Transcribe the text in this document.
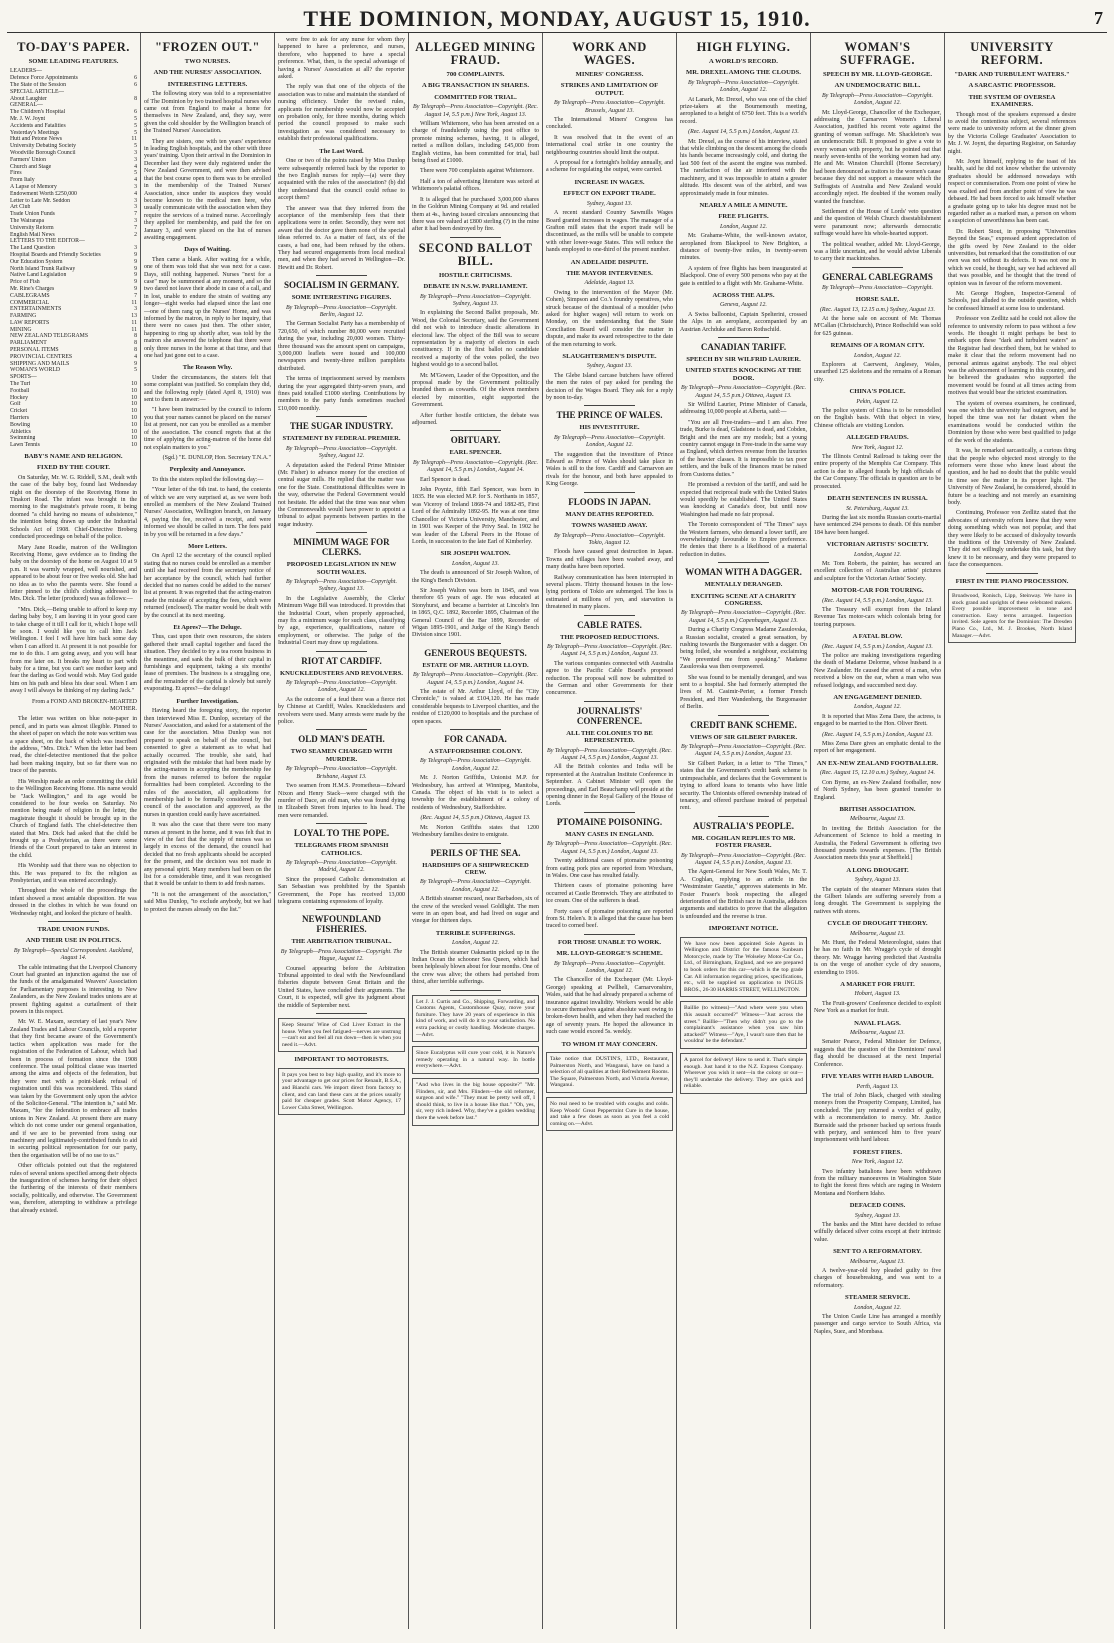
THE DOMINION, MONDAY, AUGUST 15, 1910.	7
TO-DAY'S PAPER.
SOME LEADING FEATURES.
LEADERS—
Defence Force Appointments	6
The State of the Session	6
SPECIAL ARTICLE—
About Laughter	8
GENERAL—
The Children's Hospital	6
Mr. J. W. Joynt	5
Accidents and Fatalities	5
Yesterday's Meetings	5
Hutt and Petone News	11
University Debating Society	5
Woodville Borough Council	3
Farmers' Union	3
Church and Stage	4
Fires	5
From Italy	4
A Lapse of Memory	3
Endowment Worth £250,000	4
Letter to Late Mr. Seddon	3
Art Club	3
Trade Union Funds	7
The Wairarapa	3
University Reform	7
English Mail News	2
LETTERS TO THE EDITOR—
The Land Question	3
Hospital Boards and Friendly Societies	9
Our Education System	9
North Island Trunk Railway	9
Native Land Legislation	9
Price of Fish	9
Mr. Rine's Charges	9
CABLEGRAMS	7
COMMERCIAL	11
ENTERTAINMENTS	3
FARMING	13
LAW REPORTS	11
MINING	11
NEW ZEALAND TELEGRAMS	8
PARLIAMENT	8
PERSONAL ITEMS	8
PROVINCIAL CENTRES	4
SHIPPING AND MAILS	9
WOMAN'S WORLD	5
SPORTS—
The Turf	10
Football	10
Hockey	10
Golf	10
Cricket	10
Harriers	10
Bowling	10
Athletics	10
Swimming	10
Lawn Tennis	10
BABY'S NAME AND RELIGION.
FIXED BY THE COURT.
On Saturday, Mr. W. G. Riddell, S.M., dealt with the case of the baby boy, found last Wednesday night on the doorstep of the Receiving Home in Tinakori Road. The infant was brought in the morning to the magistrate's private room, it being doomed "a child having no means of subsistence," the intention being drawn up under the Industrial Schools Act of 1908. Chief-Detective Broberg conducted proceedings on behalf of the police.
Mary Jane Roadie, matron of the Wellington Receiving Home, gave evidence as to finding the baby on the doorstep of the home on August 10 at 9 p.m. It was warmly wrapped, well nourished, and appeared to be about four or five weeks old. She had no idea as to who the parents were. She found a letter pinned to the child's clothing addressed to Mrs. Dick. The letter (produced) was as follows:—
"Mrs. Dick,—Being unable to afford to keep my darling baby boy, I am leaving it in your good care to take charge of it till I call for it, which I hope will be soon. I would like you to call him Jack Wellington. I feel I will have him back some day when I can afford it. At present it is not possible for me to do this. I am going away, and you will hear from me later on. It breaks my heart to part with baby for a time, but you can't see mother keep and fear the darling as God would wish. May God guide him on his path and bless his dear soul. When I am away I will always be thinking of my darling Jack."
From a FOND AND BROKEN-HEARTED MOTHER.
The letter was written on blue note-paper in pencil, and in parts was almost illegible. Pinned to the sheet of paper on which the note was written was a space sheet, on the back of which was inscribed the address, "Mrs. Dick." When the letter had been read, the chief-detective mentioned that the police had been making inquiry, but so far there was no trace of the parents.
His Worship made an order committing the child to the Wellington Receiving Home. His name would be "Jack Wellington," and its age would be considered to be four weeks on Saturday. No mention being made of religion in the letter, the magistrate thought it should be brought up in the Church of England faith. The chief-detective then stated that Mrs. Dick had asked that the child be brought up a Presbyterian, as there were some friends of the Court prepared to take an interest in the child.
His Worship said that there was no objection to this. He was prepared to fix the religion as Presbyterian, and it was entered accordingly.
Throughout the whole of the proceedings the infant showed a most amiable disposition. He was dressed in the clothes in which he was found on Wednesday night, and looked the picture of health.
TRADE UNION FUNDS.
AND THEIR USE IN POLITICS.
By Telegraph—Special Correspondent. Auckland, August 14.
The cable intimating that the Liverpool Chancery Court had granted an injunction against the use of the funds of the amalgamated Weavers' Association for Parliamentary purposes is interesting to New Zealanders, as the New Zealand trades unions are at present fighting against a curtailment of their powers in this respect.
Mr. W. E. Maxam, secretary of last year's New Zealand Trades and Labour Councils, told a reporter that they first became aware of the Government's tactics when application was made for the registration of the Federation of Labour, which had been in process of formation since the 1908 conference. The usual political clause was inserted among the aims and objects of the federation, but they were met with a point-blank refusal of registration until this was reconsidered. This stand was taken by the Government only upon the advice of the Solicitor-General. "The intention is," said Mr. Maxam, "for the federation to embrace all trades unions in New Zealand. At present there are many which do not come under our general organisation, and if we are to be prevented from using our machinery and legitimately-contributed funds to aid in securing political representation for our party, then the organisation will be of no use to us."
Other officials pointed out that the registered rules of several unions specified among their objects the inauguration of schemes having for their object the furthering of the interests of their members socially, politically, and otherwise. The Government was, therefore, attempting to withdraw a privilege that already existed.
"FROZEN OUT."
TWO NURSES.
AND THE NURSES' ASSOCIATION.
INTERESTING LETTERS.
The following story was told to a representative of The Dominion by two trained hospital nurses who came out from England to make a home for themselves in New Zealand, and, they say, were given the cold shoulder by the Wellington branch of the Trained Nurses' Association.
They are sisters, one with ten years' experience in leading English hospitals, and the other with three years' training. Upon their arrival in the Dominion in December last they were duly registered under the New Zealand Government, and were then advised that the best course open to them was to be enrolled in the membership of the Trained Nurses' Association, since under its auspices they would become known to the medical men here, who usually communicate with the association when they require the services of a trained nurse. Accordingly they applied for membership, and paid the fee on January 3, and were placed on the list of nurses awaiting engagement.
Days of Waiting.
Then came a blank. After waiting for a while, one of them was told that she was next for a case. Days, still nothing happened. Nurses "next for a case" may be summoned at any moment, and so the two dared not leave their abode in case of a call, and in lost, unable to endure the strain of waiting any longer—eight weeks had elapsed since the last one—one of them rang up the Nurses' Home, and was informed by the matron, in reply to her inquiry, that there were no cases just then. The other sister, happening to ring up shortly after, was told by the matron she answered the telephone that there were only three nurses in the home at that time, and that one had just gone out to a case.
The Reason Why.
Under the circumstances, the sisters felt that some complaint was justified. So complain they did, and the following reply (dated April 8, 1910) was sent to them in answer:—
"I have been instructed by the council to inform you that your names cannot be placed on the nurses' list at present, nor can you be enrolled as a member of the association. The council regrets that at the time of applying the acting-matron of the home did not explain matters to you."
(Sgd.) "E. DUNLOP, Hon. Secretary T.N.A."
Perplexity and Annoyance.
To this the sisters replied the following day:—
"Your letter of the 6th inst. to hand, the contents of which we are very surprised at, as we were both enrolled as members of the New Zealand Trained Nurses' Association, Wellington branch, on January 4, paying the fee, received a receipt, and were informed we should be called in turn. The fees paid in by you will be returned in a few days."
More Letters.
On April 12 the secretary of the council replied stating that no nurses could be enrolled as a member until she had received from the secretary notice of her acceptance by the council, which had further decided that no names could be added to the nurses' list at present. It was regretted that the acting-matron made the mistake of accepting the fees, which were returned (enclosed). The matter would be dealt with by the council at its next meeting.
Et Apres?—The Deluge.
Thus, cast upon their own resources, the sisters gathered their small capital together and faced the situation. They decided to try a tea room business in the meantime, and sank the bulk of their capital in furnishings and equipment, taking a six months' lease of premises. The business is a struggling one, and the remainder of the capital is slowly but surely evaporating. Et apres?—the deluge!
Further Investigation.
Having heard the foregoing story, the reporter then interviewed Miss E. Dunlop, secretary of the Nurses' Association, and asked for a statement of the case for the association. Miss Dunlop was not prepared to speak on behalf of the council, but consented to give a statement as to what had actually occurred. The trouble, she said, had originated with the mistake that had been made by the acting-matron in accepting the membership fee from the nurses referred to before the regular formalities had been completed. According to the rules of the association, all applications for membership had to be formally considered by the council of the association and approved, as the nurses in question could easily have ascertained.
It was also the case that there were too many nurses at present in the home, and it was felt that in view of the fact that the supply of nurses was so largely in excess of the demand, the council had decided that no fresh applicants should be accepted for the present, and the decision was not made in any personal spirit. Many members had been on the list for a considerable time, and it was recognised that it would be unfair to them to add fresh names.
"It is not the arrangement of the association," said Miss Dunlop, "to exclude anybody, but we had to protect the nurses already on the list."
were free to ask for any nurse for whom they happened to have a preference, and nurses, therefore, who happened to have a special preference. What, then, is the special advantage of having a Nurses' Association at all? the reporter asked.
The reply was that one of the objects of the association was to raise and maintain the standard of nursing efficiency. Under the revised rules, applicants for membership would now be accepted on probation only, for three months, during which period the council proposed to make such investigation as was considered necessary to establish their professional qualifications.
The Last Word.
One or two of the points raised by Miss Dunlop were subsequently referred back by the reporter to the two English nurses for reply—(a) were they acquainted with the rules of the association? (b) did they understand that the council could refuse to accept them?
The answer was that they inferred from the acceptance of the membership fees that their applications were in order. Secondly, they were not aware that the doctor gave them none of the special ideas referred to. As a matter of fact, six of the cases, a bad one, had been refused by the others. They had secured engagements from local medical men, and when they had served in Wellington—Dr. Hewitt and Dr. Robert.
SOCIALISM IN GERMANY.
SOME INTERESTING FIGURES.
By Telegraph—Press Association—Copyright. Berlin, August 12.
The German Socialist Party has a membership of 720,650, of which number 80,000 were recruited during the year, including 20,000 women. Thirty-three thousand was the amount spent on campaigns, 3,000,000 leaflets were issued and 100,000 newspapers and twenty-three million pamphlets distributed.
The terms of imprisonment served by members during the year aggregated thirty-seven years, and fines paid totalled £1000 sterling. Contributions by members to the party funds sometimes reached £10,000 monthly.
THE SUGAR INDUSTRY.
STATEMENT BY FEDERAL PREMIER.
By Telegraph—Press Association—Copyright. Sydney, August 12.
A deputation asked the Federal Prime Minister (Mr. Fisher) to advance money for the erection of central sugar mills. He replied that the matter was one for the State. Constitutional difficulties were in the way, otherwise the Federal Government would not hesitate. He added that the time was near when the Commonwealth would have power to appoint a tribunal to adjust payments between parties in the sugar industry.
MINIMUM WAGE FOR CLERKS.
PROPOSED LEGISLATION IN NEW SOUTH WALES.
By Telegraph—Press Association—Copyright. Sydney, August 13.
In the Legislative Assembly, the Clerks' Minimum Wage Bill was introduced. It provides that the Industrial Court, when properly approached, may fix a minimum wage for such class, classifying by age, experience, qualifications, nature of employment, or otherwise. The judge of the Industrial Court may draw up regulations.
RIOT AT CARDIFF.
KNUCKLEDUSTERS AND REVOLVERS.
By Telegraph—Press Association—Copyright. London, August 12.
As the outcome of a feud there was a fierce riot by Chinese at Cardiff, Wales. Knuckledusters and revolvers were used. Many arrests were made by the police.
OLD MAN'S DEATH.
TWO SEAMEN CHARGED WITH MURDER.
By Telegraph—Press Association—Copyright. Brisbane, August 13.
Two seamen from H.M.S. Prometheus—Edward Nixon and Henry Stack—were charged with the murder of Dace, an old man, who was found dying in Elizabeth Street from injuries to his head. The men were remanded.
LOYAL TO THE POPE.
TELEGRAMS FROM SPANISH CATHOLICS.
By Telegraph—Press Association—Copyright. Madrid, August 12.
Since the proposed Catholic demonstration at San Sebastian was prohibited by the Spanish Government, the Pope has received 13,000 telegrams containing expressions of loyalty.
NEWFOUNDLAND FISHERIES.
THE ARBITRATION TRIBUNAL.
By Telegraph—Press Association—Copyright. The Hague, August 12.
Counsel appearing before the Arbitration Tribunal appointed to deal with the Newfoundland fisheries dispute between Great Britain and the United States, have concluded their arguments. The Court, it is expected, will give its judgment about the middle of September next.
Keep Stearns' Wine of Cod Liver Extract in the house. When you feel fatigued—nerves are unstrung—can't eat and feel all run down—then is when you need it.—Advt.
IMPORTANT TO MOTORISTS.
It pays you best to buy high quality, and it's more to your advantage to get our prices for Renault, B.S.A., and Bianchi cars. We import direct from factory to client, and can land these cars at the prices usually paid for cheaper grades. Scott Motor Agency, 17 Lower Cuba Street, Wellington.
ALLEGED MINING FRAUD.
700 COMPLAINTS.
A BIG TRANSACTION IN SHARES.
COMMITTED FOR TRIAL.
By Telegraph—Press Association—Copyright. (Rec. August 14, 5.5 p.m.) New York, August 13.
William Whitemore, who has been arrested on a charge of fraudulently using the post office to promote mining schemes, having, it is alleged, netted a million dollars, including £45,000 from English victims, has been committed for trial, bail being fixed at £1000.
There were 700 complaints against Whitemore.
Half a ton of advertising literature was seized at Whitemore's palatial offices.
It is alleged that he purchased 3,000,000 shares in the Goldrun Mining Company at 9d. and retailed them at 4s., having issued circulars announcing that there was ore valued at £800 sterling (?) in the mine after it had been destroyed by fire.
SECOND BALLOT BILL.
HOSTILE CRITICISMS.
DEBATE IN N.S.W. PARLIAMENT.
By Telegraph—Press Association—Copyright. Sydney, August 13.
In explaining the Second Ballot proposals, Mr. Wood, the Colonial Secretary, said the Government did not wish to introduce drastic alterations in electoral law. The object of the Bill was to secure representation by a majority of electors in each constituency. If in the first ballot no candidate received a majority of the votes polled, the two highest would go to a second ballot.
Mr. M'Gowen, Leader of the Opposition, and the proposal made by the Government politically branded them as cowards. Of the eleven members elected by minorities, eight supported the Government.
After further hostile criticism, the debate was adjourned.
OBITUARY.
EARL SPENCER.
By Telegraph—Press Association—Copyright. (Rec. August 14, 5.5 p.m.) London, August 14.
Earl Spencer is dead.
John Poyntz, fifth Earl Spencer, was born in 1835. He was elected M.P. for S. Northants in 1857, was Viceroy of Ireland 1868-74 and 1882-85, First Lord of the Admiralty 1892-95. He was at one time Chancellor of Victoria University, Manchester, and in 1901 was Keeper of the Privy Seal. In 1902 he was leader of the Liberal Peers in the House of Lords, in succession to the late Earl of Kimberley.
SIR JOSEPH WALTON.
London, August 13.
The death is announced of Sir Joseph Walton, of the King's Bench Division.
Sir Joseph Walton was born in 1845, and was therefore 65 years of age. He was educated at Stonyhurst, and became a barrister at Lincoln's Inn in 1865, Q.C. 1892, Recorder 1895, Chairman of the General Council of the Bar 1899, Recorder of Wigan 1895-1901, and Judge of the King's Bench Division since 1901.
GENEROUS BEQUESTS.
ESTATE OF MR. ARTHUR LLOYD.
By Telegraph—Press Association—Copyright. (Rec. August 14, 5.5 p.m.) London, August 14.
The estate of Mr. Arthur Lloyd, of the "City Chronicle," is valued at £104,120. He has made considerable bequests to Liverpool charities, and the residue of £120,000 to hospitals and the purchase of open spaces.
FOR CANADA.
A STAFFORDSHIRE COLONY.
By Telegraph—Press Association—Copyright. London, August 12.
Mr. J. Norton Griffiths, Unionist M.P. for Wednesbury, has arrived at Winnipeg, Manitoba, Canada. The object of his visit is to select a township for the establishment of a colony of residents of Wednesbury, Staffordshire.
(Rec. August 14, 5.5 p.m.) Ottawa, August 13.
Mr. Norton Griffiths states that 1200 Wednesbury families desire to emigrate.
PERILS OF THE SEA.
HARDSHIPS OF A SHIPWRECKED CREW.
By Telegraph—Press Association—Copyright. London, August 12.
A British steamer rescued, near Barbadoes, six of the crew of the wrecked vessel Goldlight. The men were in an open boat, and had lived on sugar and vinegar for thirteen days.
TERRIBLE SUFFERINGS.
London, August 12.
The British steamer Oakmartin picked up in the Indian Ocean the schooner Sea Queen, which had been helplessly blown about for four months. One of the crew was alive; the others had perished from thirst, after terrible sufferings.
Let J. J. Curtis and Co., Shipping, Forwarding, and Customs Agents, Customhouse Quay, move your furniture. They have 20 years of experience in this kind of work, and will do it to your satisfaction. No extra packing or costly handling. Moderate charges.—Advt.
Since Eucalyptus will cure your cold, it is Nature's remedy operating in a natural way. In bottle everywhere.—Advt.
"And who lives in the big house opposite?" "Mr. Flinders, sir, and Mrs. Flinders—the old reformer, surgeon and wife." "They must be pretty well off, I should think, to live in a house like that." "Oh, yes, sir, very rich indeed. Why, they've a golden wedding there the week before last."
WORK AND WAGES.
MINERS' CONGRESS.
STRIKES AND LIMITATION OF OUTPUT.
By Telegraph—Press Association—Copyright. Brussels, August 13.
The International Miners' Congress has concluded.
It was resolved that in the event of an international coal strike in one country the neighbouring countries should limit the output.
A proposal for a fortnight's holiday annually, and a scheme for regulating the output, were carried.
INCREASE IN WAGES.
EFFECT ON EXPORT TRADE.
Sydney, August 13.
A recent standard Country Sawmills Wages Board granted increases in wages. The manager of a Grafton mill states that the export trade will be discontinued, as the mills will be unable to compete with other lower-wage States. This will reduce the hands employed to one-third of the present number.
AN ADELAIDE DISPUTE.
THE MAYOR INTERVENES.
Adelaide, August 13.
Owing to the intervention of the Mayor (Mr. Cohen), Simpson and Co.'s foundry operatives, who struck because of the dismissal of a moulder (who asked for higher wages) will return to work on Monday, on the understanding that the State Conciliation Board will consider the matter in dispute, and make its award retrospective to the date of the men returning to work.
SLAUGHTERMEN'S DISPUTE.
Sydney, August 13.
The Glebe Island carcase butchers have offered the men the rates of pay asked for pending the decision of the Wages Board. They ask for a reply by noon to-day.
THE PRINCE OF WALES.
HIS INVESTITURE.
By Telegraph—Press Association—Copyright. London, August 12.
The suggestion that the investiture of Prince Edward as Prince of Wales should take place in Wales is still to the fore. Cardiff and Carnarvon are rivals for the honour, and both have appealed to King George.
FLOODS IN JAPAN.
MANY DEATHS REPORTED.
TOWNS WASHED AWAY.
By Telegraph—Press Association—Copyright. Tokio, August 12.
Floods have caused great destruction in Japan. Towns and villages have been washed away, and many deaths have been reported.
Railway communication has been interrupted in several places. Thirty thousand houses in the low-lying portions of Tokio are submerged. The loss is estimated at millions of yen, and starvation is threatened in many places.
CABLE RATES.
THE PROPOSED REDUCTIONS.
By Telegraph—Press Association—Copyright. (Rec. August 14, 5.5 p.m.) London, August 13.
The various companies connected with Australia agree to the Pacific Cable Board's proposed reduction. The proposal will now be submitted to the German and other Governments for their concurrence.
JOURNALISTS' CONFERENCE.
ALL THE COLONIES TO BE REPRESENTED.
By Telegraph—Press Association—Copyright. (Rec. August 14, 5.5 p.m.) London, August 13.
All the British colonies and India will be represented at the Australian Institute Conference in September. A Cabinet Minister will open the proceedings, and Earl Beauchamp will preside at the opening dinner in the Royal Gallery of the House of Lords.
PTOMAINE POISONING.
MANY CASES IN ENGLAND.
By Telegraph—Press Association—Copyright. (Rec. August 14, 5.5 p.m.) London, August 13.
Twenty additional cases of ptomaine poisoning from eating pork pies are reported from Wrexham, in Wales. One case has resulted fatally.
Thirteen cases of ptomaine poisoning have occurred at Castle Bromwich. They are attributed to ice cream. One of the sufferers is dead.
Forty cases of ptomaine poisoning are reported from St. Helen's. It is alleged that the cause has been traced to corned beef.
FOR THOSE UNABLE TO WORK.
MR. LLOYD-GEORGE'S SCHEME.
By Telegraph—Press Association—Copyright. London, August 12.
The Chancellor of the Exchequer (Mr. Lloyd-George) speaking at Pwllheli, Carnarvonshire, Wales, said that he had already prepared a scheme of insurance against invalidity. Workers would be able to secure themselves against absolute want owing to broken-down health, and when they had reached the age of seventy years. He hoped the allowance in such case would exceed 5s. weekly.
TO WHOM IT MAY CONCERN.
Take notice that DUSTIN'S, LTD., Restaurant, Palmerston North, and Wanganui, have on hand a selection of all qualities at their Refreshment Rooms. The Square, Palmerston North, and Victoria Avenue, Wanganui.
No real need to be troubled with coughs and colds. Keep Woods' Great Peppermint Cure in the house, and take a few doses as soon as you feel a cold coming on.—Advt.
HIGH FLYING.
A WORLD'S RECORD.
MR. DREXEL AMONG THE CLOUDS.
By Telegraph—Press Association—Copyright. London, August 12.
At Lanark, Mr. Drexel, who was one of the chief prize-takers at the Bournemouth meeting, aeroplaned to a height of 6750 feet. This is a world's record.
(Rec. August 14, 5.5 p.m.) London, August 13.
Mr. Drexel, as the course of his interview, stated that while climbing on the descent among the clouds his hands became increasingly cold, and during the last 500 feet of the ascent the engine was numbed. The rarefaction of the air interfered with the machinery, and it was impossible to attain a greater altitude. His descent was of the airbird, and was approximately made in four minutes.
NEARLY A MILE A MINUTE.
FREE FLIGHTS.
London, August 12.
Mr. Grahame-White, the well-known aviator, aeroplaned from Blackpool to New Brighton, a distance of twenty-five miles, in twenty-seven minutes.
A system of free flights has been inaugurated at Blackpool. One of every 500 persons who pay at the gate is entitled to a flight with Mr. Grahame-White.
ACROSS THE ALPS.
Geneva, August 12.
A Swiss balloonist, Captain Spelterini, crossed the Alps in an aeroplane, accompanied by an Austrian Archduke and Baron Rothschild.
CANADIAN TARIFF.
SPEECH BY SIR WILFRID LAURIER.
UNITED STATES KNOCKING AT THE DOOR.
By Telegraph—Press Association—Copyright. (Rec. August 14, 5.5 p.m.) Ottawa, August 13.
Sir Wilfrid Laurier, Prime Minister of Canada, addressing 10,000 people at Alberta, said:—
"You are all Free-traders—and I am also. Free trade, Burke is dead, Gladstone is dead, and Cobden, Bright and the men are my models; but a young country cannot engage in Free-trade in the same way as England, which derives revenue from the luxuries of the heavier classes. It is impossible to tax poor settlers, and the bulk of the finances must be raised from Customs duties."
He promised a revision of the tariff, and said he expected that reciprocal trade with the United States would speedily be established. The United States was knocking at Canada's door, but until now Washington had made no fair proposal.
The Toronto correspondent of "The Times" says the Western farmers, who demand a lower tariff, are overwhelmingly favourable to Empire preference. He denies that there is a likelihood of a material reduction in duties.
WOMAN WITH A DAGGER.
MENTALLY DERANGED.
EXCITING SCENE AT A CHARITY CONGRESS.
By Telegraph—Press Association—Copyright. (Rec. August 14, 5.5 p.m.) Copenhagen, August 13.
During a Charity Congress Madame Zasulovska, a Russian socialist, created a great sensation, by rushing towards the Burgomaster with a dagger. On being foiled, she wounded a neighbour, exclaiming "We prevented me from speaking." Madame Zasulovska was then overpowered.
She was found to be mentally deranged, and was sent to a hospital. She had formerly attempted the lives of M. Casimir-Perier, a former French President, and Herr Wandenberg, the Burgomaster of Berlin.
CREDIT BANK SCHEME.
VIEWS OF SIR GILBERT PARKER.
By Telegraph—Press Association—Copyright. (Rec. August 14, 5.5 p.m.) London, August 13.
Sir Gilbert Parker, in a letter to "The Times," states that the Government's credit bank scheme is unimpeachable, and declares that the Government is trying to afford loans to tenants who have little security. The Unionists offered ownership instead of tenancy, and offered purchase instead of perpetual rent.
AUSTRALIA'S PEOPLE.
MR. COGHLAN REPLIES TO MR. FOSTER FRASER.
By Telegraph—Press Association—Copyright. (Rec. August 14, 5.5 p.m.) London, August 13.
The Agent-General for New South Wales, Mr. T. A. Coghlan, replying to an article in the "Westminster Gazette," approves statements in Mr. Foster Fraser's book respecting the alleged deterioration of the British race in Australia, adduces arguments and statistics to prove that the allegation is unfounded and the reverse is true.
IMPORTANT NOTICE.
We have now been appointed Sole Agents in Wellington and District for the famous Sunbeam Motorcycle, made by The Wolseley Motor-Car Co., Ltd., of Birmingham, England, and we are prepared to book orders for this car—which is the top grade Car. All information regarding prices, specifications, etc., will be supplied on application to INGLIS BROS., 26-30 HARRIS STREET, WELLINGTON.
Baillie (to witness)—"And where were you when this assault occurred?" Witness—"Just across the street." Baillie—"Then why didn't you go to the complainant's assistance when you saw him attacked?" Witness—"Aye, I wasn't sure then that he wouldna' be the defendant."
A parcel for delivery! How to send it. That's simple enough. Just hand it to the N.Z. Express Company. Wherever you wish it sent—in the colony or out—they'll undertake the delivery. They are quick and reliable.
WOMAN'S SUFFRAGE.
SPEECH BY MR. LLOYD-GEORGE.
AN UNDEMOCRATIC BILL.
By Telegraph—Press Association—Copyright. London, August 12.
Mr. Lloyd-George, Chancellor of the Exchequer, addressing the Carnarvon Women's Liberal Association, justified his recent vote against the granting of woman suffrage. Mr. Shackleton's was an undemocratic Bill. It proposed to give a vote to every woman with property, but he pointed out that nearly seven-tenths of the working women had any. He and Mr. Winston Churchill (Home Secretary) had been denounced as traitors to the women's cause because they did not support a measure which the Suffragists of Australia and New Zealand would accordingly reject. He doubted if the women really wanted the franchise.
Settlement of the House of Lords' veto question and the question of Welsh Church disestablishment were paramount now; afterwards democratic suffrage would have his whole-hearted support.
The political weather, added Mr. Lloyd-George, was a little uncertain, and he would advise Liberals to carry their mackintoshes.
GENERAL CABLEGRAMS
By Telegraph—Press Association—Copyright.
HORSE SALE.
(Rec. August 13, 12.15 a.m.) Sydney, August 13.
At the horse sale on account of Mr. Thomas M'Callan (Christchurch), Prince Rothschild was sold for 625 guineas.
REMAINS OF A ROMAN CITY.
London, August 12.
Explorers at Caerwent, Anglesey, Wales, unearthed 125 skeletons and the remains of a Roman city.
CHINA'S POLICE.
Pekin, August 12.
The police system of China is to be remodelled on the English basis. With that object in view, Chinese officials are visiting London.
ALLEGED FRAUDS.
New York, August 12.
The Illinois Central Railroad is taking over the entire property of the Memphis Car Company. This action is due to alleged frauds by high officials of the Car Company. The officials in question are to be prosecuted.
DEATH SENTENCES IN RUSSIA.
St. Petersburg, August 13.
During the last six months Russian courts-martial have sentenced 294 persons to death. Of this number 184 have been hanged.
VICTORIAN ARTISTS' SOCIETY.
London, August 12.
Mr. Tom Roberts, the painter, has secured an excellent collection of Australian artists' pictures and sculpture for the Victorian Artists' Society.
MOTOR-CAR FOR TOURING.
(Rec. August 14, 5.5 p.m.) London, August 13.
The Treasury will exempt from the Inland Revenue Tax motor-cars which colonials bring for touring purposes.
A FATAL BLOW.
(Rec. August 14, 5.5 p.m.) London, August 13.
The police are making investigations regarding the death of Madame Delorme, whose husband is a New Zealander. He caused the arrest of a man, who received a blow on the ear, when a man who was refused lodgings, and succumbed next day.
AN ENGAGEMENT DENIED.
London, August 12.
It is reported that Miss Zena Dare, the actress, is engaged to be married to the Hon. Oliver Brett.
(Rec. August 14, 5.5 p.m.) London, August 13.
Miss Zena Dare gives an emphatic denial to the report of her engagement.
AN EX-NEW ZEALAND FOOTBALLER.
(Rec. August 15, 12.10 a.m.) Sydney, August 14.
Con Byrne, an ex-New Zealand footballer, now of North Sydney, has been granted transfer to England.
BRITISH ASSOCIATION.
Melbourne, August 13.
In inviting the British Association for the Advancement of Science to hold a meeting in Australia, the Federal Government is offering two thousand pounds towards expenses. [The British Association meets this year at Sheffield.]
A LONG DROUGHT.
Sydney, August 13.
The captain of the steamer Minnara states that the Gilbert Islands are suffering severely from a long drought. The Government is supplying the natives with stores.
CYCLE OF DROUGHT THEORY.
Melbourne, August 13.
Mr. Hunt, the Federal Meteorologist, states that he has no faith in Mr. Wragge's cycle of drought theory. Mr. Wragge having predicted that Australia is on the verge of another cycle of dry seasons, extending to 1916.
A MARKET FOR FRUIT.
Hobart, August 13.
The Fruit-growers' Conference decided to exploit New York as a market for fruit.
NAVAL FLAGS.
Melbourne, August 13.
Senator Pearce, Federal Minister for Defence, suggests that the question of the Dominions' naval flag should be discussed at the next Imperial Conference.
FIVE YEARS WITH HARD LABOUR.
Perth, August 13.
The trial of John Black, charged with stealing moneys from the Prosperity Company, Limited, has concluded. The jury returned a verdict of guilty, with a recommendation to mercy. Mr. Justice Burnside said the prisoner backed up serious frauds with perjury, and sentenced him to five years' imprisonment with hard labour.
FOREST FIRES.
New York, August 12.
Two infantry battalions have been withdrawn from the military manoeuvres in Washington State to fight the forest fires which are raging in Western Montana and Northern Idaho.
DEFACED COINS.
Sydney, August 13.
The banks and the Mint have decided to refuse wilfully defaced silver coins except at their intrinsic value.
SENT TO A REFORMATORY.
Melbourne, August 13.
A twelve-year-old boy pleaded guilty to five charges of housebreaking, and was sent to a reformatory.
STEAMER SERVICE.
London, August 12.
The Union Castle Line has arranged a monthly passenger and cargo service to South Africa, via Naples, Suez, and Mombasa.
UNIVERSITY REFORM.
"DARK AND TURBULENT WATERS."
A SARCASTIC PROFESSOR.
THE SYSTEM OF OVERSEA EXAMINERS.
Though most of the speakers expressed a desire to avoid the contentious subject, several references were made to university reform at the dinner given by the Victoria College Graduates' Association to Mr. J. W. Joynt, the departing Registrar, on Saturday night.
Mr. Joynt himself, replying to the toast of his health, said he did not know whether the university graduates should be addressed nowadays with respect or commiseration. From one point of view he was exalted and from another point of view he was debased. He had been forced to ask himself whether a graduate going up to take his degree must not be regarded rather as a marked man, a person on whom a suspicion of unworthiness has been cast.
Dr. Robert Stout, in proposing "Universities Beyond the Seas," expressed ardent appreciation of the gifts owed by New Zealand to the older universities, but remarked that the constitution of our own was not without its defects. It was not one in which we could, he thought, say we had achieved all that was possible, and he thought that the trend of opinion was in favour of the reform movement.
Mr. George Hogben, Inspector-General of Schools, just alluded to the outside question, which he confessed himself at some loss to understand.
Professor von Zedlitz said he could not allow the reference to university reform to pass without a few words. He thought it might perhaps be best to embark upon these "dark and turbulent waters" as the Registrar had described them, but he wished to make it clear that the reform movement had no personal animus against anybody. The real object was the advancement of learning in this country, and he believed the graduates who supported the movement would be found at all times acting from motives that would bear the strictest examination.
The system of oversea examiners, he continued, was one which the university had outgrown, and he hoped the time was not far distant when the examinations would be conducted within the Dominion by those who were best qualified to judge of the work of the students.
It was, he remarked sarcastically, a curious thing that the people who objected most strongly to the reformers were those who knew least about the question, and he had no doubt that the public would in time see the matter in its proper light. The University of New Zealand, he considered, should in future be a teaching and not merely an examining body.
Continuing, Professor von Zedlitz stated that the advocates of university reform knew that they were doing something which was not popular, and that they were likely to be accused of disloyalty towards the traditions of the University of New Zealand. They did not willingly undertake this task, but they knew it to be necessary, and they were prepared to face the consequences.
FIRST IN THE PIANO PROCESSION.
Broadwood, Ronisch, Lipp, Steinway. We have in stock grand and uprights of these celebrated makers. Every possible improvement in tone and construction. Easy terms arranged. Inspection invited. Sole agents for the Dominion: The Dresden Piano Co., Ltd., M. J. Brookes, North Island Manager.—Advt.
